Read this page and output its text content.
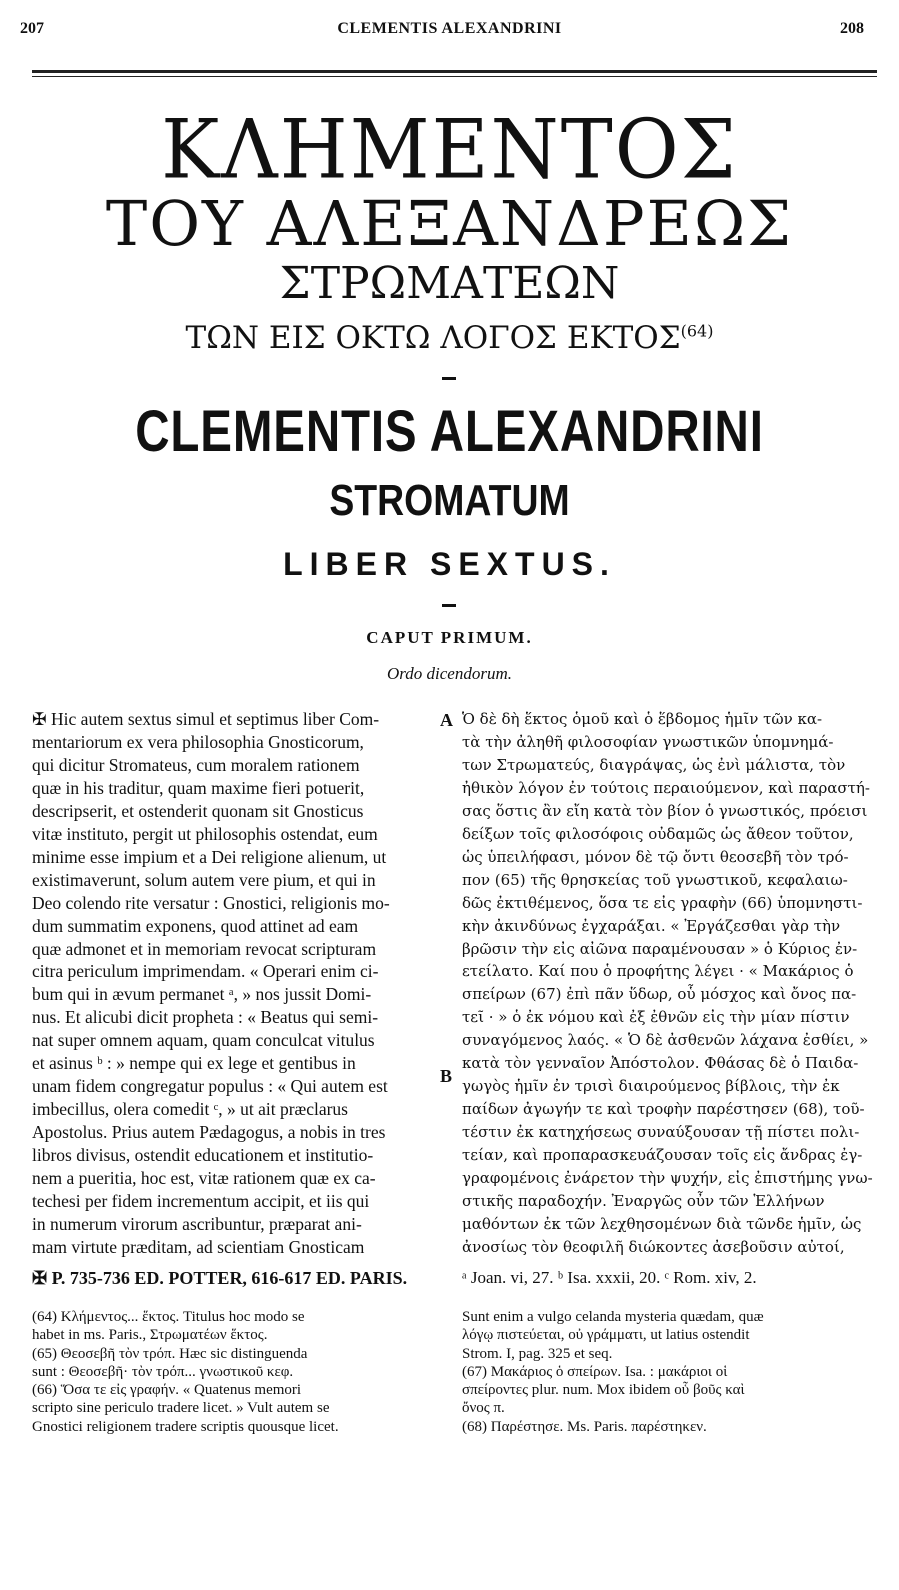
207	CLEMENTIS ALEXANDRINI	208
ΚΛΗΜΕΝΤΟΣ
ΤΟΥ ΑΛΕΞΑΝΔΡΕΩΣ
ΣΤΡΩΜΑΤΕΩΝ
ΤΩΝ ΕΙΣ ΟΚΤΩ ΛΟΓΟΣ ΕΚΤΟΣ$^{(64)}$
CLEMENTIS ALEXANDRINI
STROMATUM
LIBER SEXTUS.
CAPUT PRIMUM.
Ordo dicendorum.
✠ Hic autem sextus simul et septimus liber Com-
mentariorum ex vera philosophia Gnosticorum,
qui dicitur Stromateus, cum moralem rationem
quæ in his traditur, quam maxime fieri potuerit,
descripserit, et ostenderit quonam sit Gnosticus
vitæ instituto, pergit ut philosophis ostendat, eum
minime esse impium et a Dei religione alienum, ut
existimaverunt, solum autem vere pium, et qui in
Deo colendo rite versatur : Gnostici, religionis mo-
dum summatim exponens, quod attinet ad eam
quæ admonet et in memoriam revocat scripturam
citra periculum imprimendam. « Operari enim ci-
bum qui in ævum permanet ᵃ, » nos jussit Domi-
nus. Et alicubi dicit propheta : « Beatus qui semi-
nat super omnem aquam, quam conculcat vitulus
et asinus ᵇ : » nempe qui ex lege et gentibus in
unam fidem congregatur populus : « Qui autem est
imbecillus, olera comedit ᶜ, » ut ait præclarus
Apostolus. Prius autem Pædagogus, a nobis in tres
libros divisus, ostendit educationem et institutio-
nem a pueritia, hoc est, vitæ rationem quæ ex ca-
techesi per fidem incrementum accipit, et iis qui
in numerum virorum ascribuntur, præparat ani-
mam virtute præditam, ad scientiam Gnosticam
A
B
Ὁ δὲ δὴ ἕκτος ὁμοῦ καὶ ὁ ἕβδομος ἡμῖν τῶν κα-
τὰ τὴν ἀληθῆ φιλοσοφίαν γνωστικῶν ὑπομνημά-
των Στρωματεύς, διαγράψας, ὡς ἐνὶ μάλιστα, τὸν
ἠθικὸν λόγον ἐν τούτοις περαιούμενον, καὶ παραστή-
σας ὅστις ἂν εἴη κατὰ τὸν βίον ὁ γνωστικός, πρόεισι
δείξων τοῖς φιλοσόφοις οὐδαμῶς ὡς ἄθεον τοῦτον,
ὡς ὑπειλήφασι, μόνον δὲ τῷ ὄντι θεοσεβῆ τὸν τρό-
πον (65) τῆς θρησκείας τοῦ γνωστικοῦ, κεφαλαιω-
δῶς ἐκτιθέμενος, ὅσα τε εἰς γραφὴν (66) ὑπομνηστι-
κὴν ἀκινδύνως ἐγχαράξαι. « Ἐργάζεσθαι γὰρ τὴν
βρῶσιν τὴν εἰς αἰῶνα παραμένουσαν » ὁ Κύριος ἐν-
ετείλατο. Καί που ὁ προφήτης λέγει · « Μακάριος ὁ
σπείρων (67) ἐπὶ πᾶν ὕδωρ, οὗ μόσχος καὶ ὄνος πα-
τεῖ · » ὁ ἐκ νόμου καὶ ἐξ ἐθνῶν εἰς τὴν μίαν πίστιν
συναγόμενος λαός. « Ὁ δὲ ἀσθενῶν λάχανα ἐσθίει, »
κατὰ τὸν γενναῖον Ἀπόστολον. Φθάσας δὲ ὁ Παιδα-
γωγὸς ἡμῖν ἐν τρισὶ διαιρούμενος βίβλοις, τὴν ἐκ
παίδων ἀγωγήν τε καὶ τροφὴν παρέστησεν (68), τοῦ-
τέστιν ἐκ κατηχήσεως συναύξουσαν τῇ πίστει πολι-
τείαν, καὶ προπαρασκευάζουσαν τοῖς εἰς ἄνδρας ἐγ-
γραφομένοις ἐνάρετον τὴν ψυχήν, εἰς ἐπιστήμης γνω-
στικῆς παραδοχήν. Ἐναργῶς οὖν τῶν Ἑλλήνων
μαθόντων ἐκ τῶν λεχθησομένων διὰ τῶνδε ἡμῖν, ὡς
ἀνοσίως τὸν θεοφιλῆ διώκοντες ἀσεβοῦσιν αὐτοί,
✠ P. 735-736 ED. POTTER, 616-617 ED. PARIS.	ᵃ Joan. vi, 27. ᵇ Isa. xxxii, 20. ᶜ Rom. xiv, 2.
(64) Κλήμεντος... ἕκτος. Titulus hoc modo se
habet in ms. Paris., Στρωματέων ἕκτος.
(65) Θεοσεβῆ τὸν τρόπ. Hæc sic distinguenda
sunt : Θεοσεβῆ· τὸν τρόπ... γνωστικοῦ κεφ.
(66) Ὅσα τε εἰς γραφήν. « Quatenus memori
scripto sine periculo tradere licet. » Vult autem se
Gnostici religionem tradere scriptis quousque licet.
Sunt enim a vulgo celanda mysteria quædam, quæ
λόγῳ πιστεύεται, οὐ γράμματι, ut latius ostendit
Strom. I, pag. 325 et seq.
(67) Μακάριος ὁ σπείρων. Isa. : μακάριοι οἱ
σπείροντες plur. num. Mox ibidem οὗ βοῦς καὶ
ὄνος π.
(68) Παρέστησε. Ms. Paris. παρέστηκεν.
